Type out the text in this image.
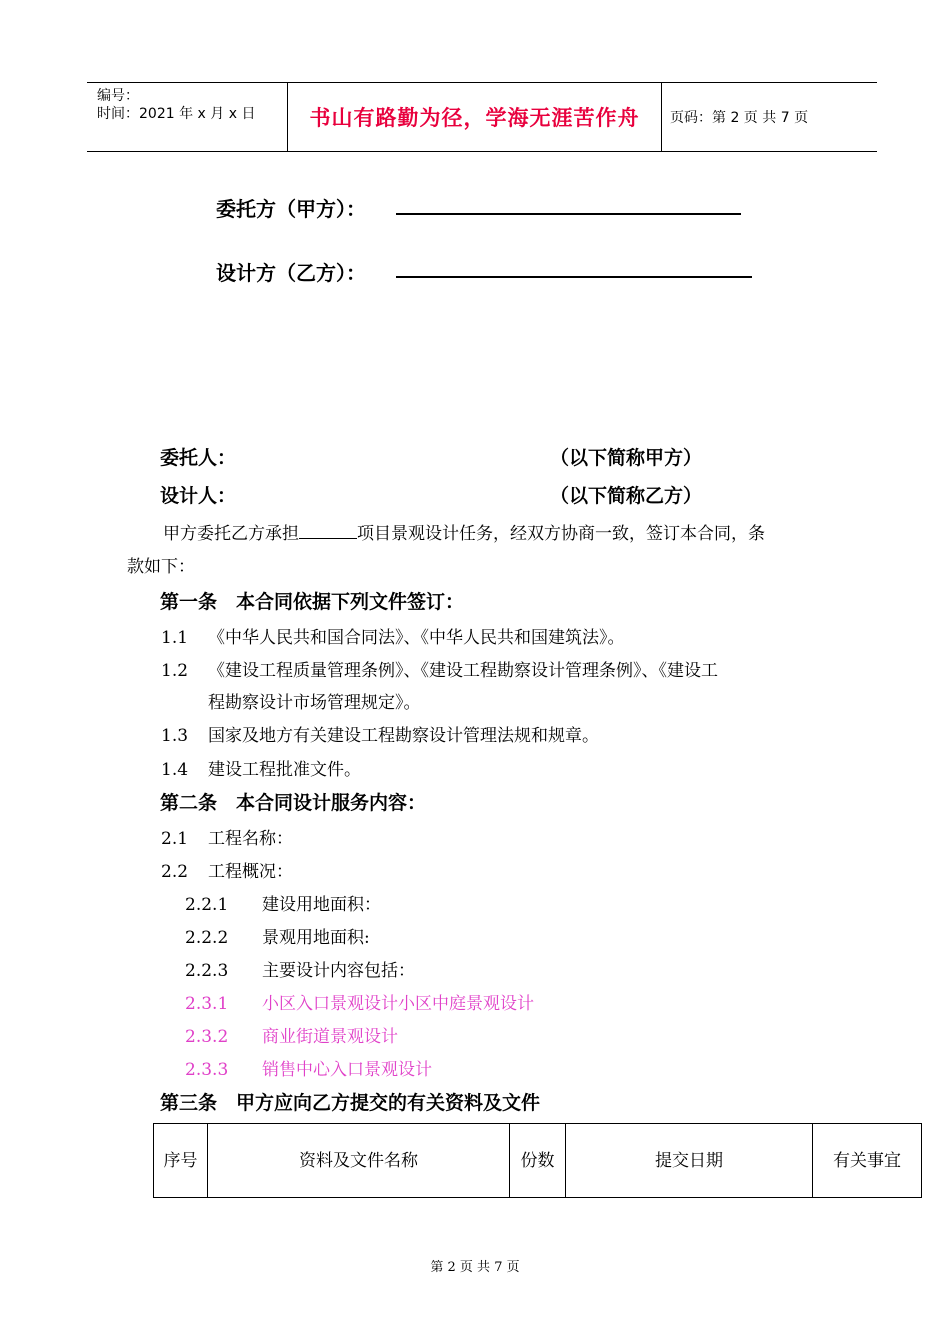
编号：
时间：2021 年 x 月 x 日	书山有路勤为径，学海无涯苦作舟 页码：第 2 页 共 7 页
委托方（甲方）：
设计方（乙方）：
委托人：	（以下简称甲方）
设计人：	（以下简称乙方）
甲方委托乙方承担	项目景观设计任务，经双方协商一致，签订本合同，条
款如下：
第一条　本合同依据下列文件签订：
1.1 《中华人民共和国合同法》、《中华人民共和国建筑法》。
1.2 《建设工程质量管理条例》、《建设工程勘察设计管理条例》、《建设工
程勘察设计市场管理规定》。
1.3 国家及地方有关建设工程勘察设计管理法规和规章。
1.4 建设工程批准文件。
第二条　本合同设计服务内容：
2.1 工程名称：
2.2 工程概况：
2.2.1 建设用地面积：
2.2.2 景观用地面积:
2.2.3 主要设计内容包括：
2.3.1 小区入口景观设计小区中庭景观设计
2.3.2 商业街道景观设计
2.3.3 销售中心入口景观设计
第三条　甲方应向乙方提交的有关资料及文件
序号	资料及文件名称	份数	提交日期	有关事宜
第 2 页 共 7 页
